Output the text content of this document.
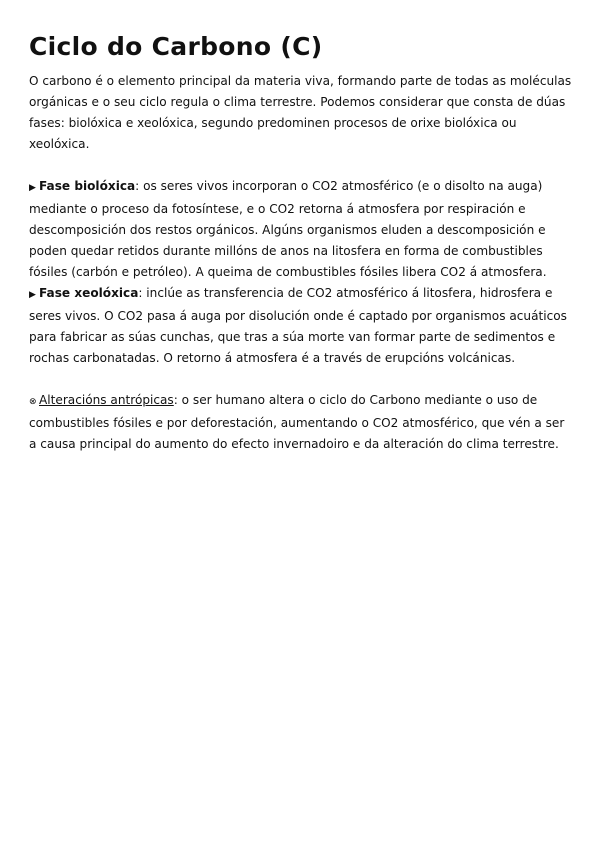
Ciclo do Carbono (C)

O carbono é o elemento principal da materia viva, formando parte de todas as moléculas orgánicas e o seu ciclo regula o clima terrestre. Podemos considerar que consta de dúas fases: biolóxica e xeolóxica, segundo predominen procesos de orixe biolóxica ou xeolóxica.

▶ Fase biolóxica: os seres vivos incorporan o CO2 atmosférico (e o disolto na auga) mediante o proceso da fotosíntese, e o CO2 retorna á atmosfera por respiración e descomposición dos restos orgánicos. Algúns organismos eluden a descomposición e poden quedar retidos durante millóns de anos na litosfera en forma de combustibles fósiles (carbón e petróleo). A queima de combustibles fósiles libera CO2 á atmosfera.

▶ Fase xeolóxica: inclúe as transferencia de CO2 atmosférico á litosfera, hidrosfera e seres vivos. O CO2 pasa á auga por disolución onde é captado por organismos acuáticos para fabricar as súas cunchas, que tras a súa morte van formar parte de sedimentos e rochas carbonatadas. O retorno á atmosfera é a través de erupcións volcánicas.

⊗ Alteracións antrópicas: o ser humano altera o ciclo do Carbono mediante o uso de combustibles fósiles e por deforestación, aumentando o CO2 atmosférico, que vén a ser a causa principal do aumento do efecto invernadoiro e da alteración do clima terrestre.
